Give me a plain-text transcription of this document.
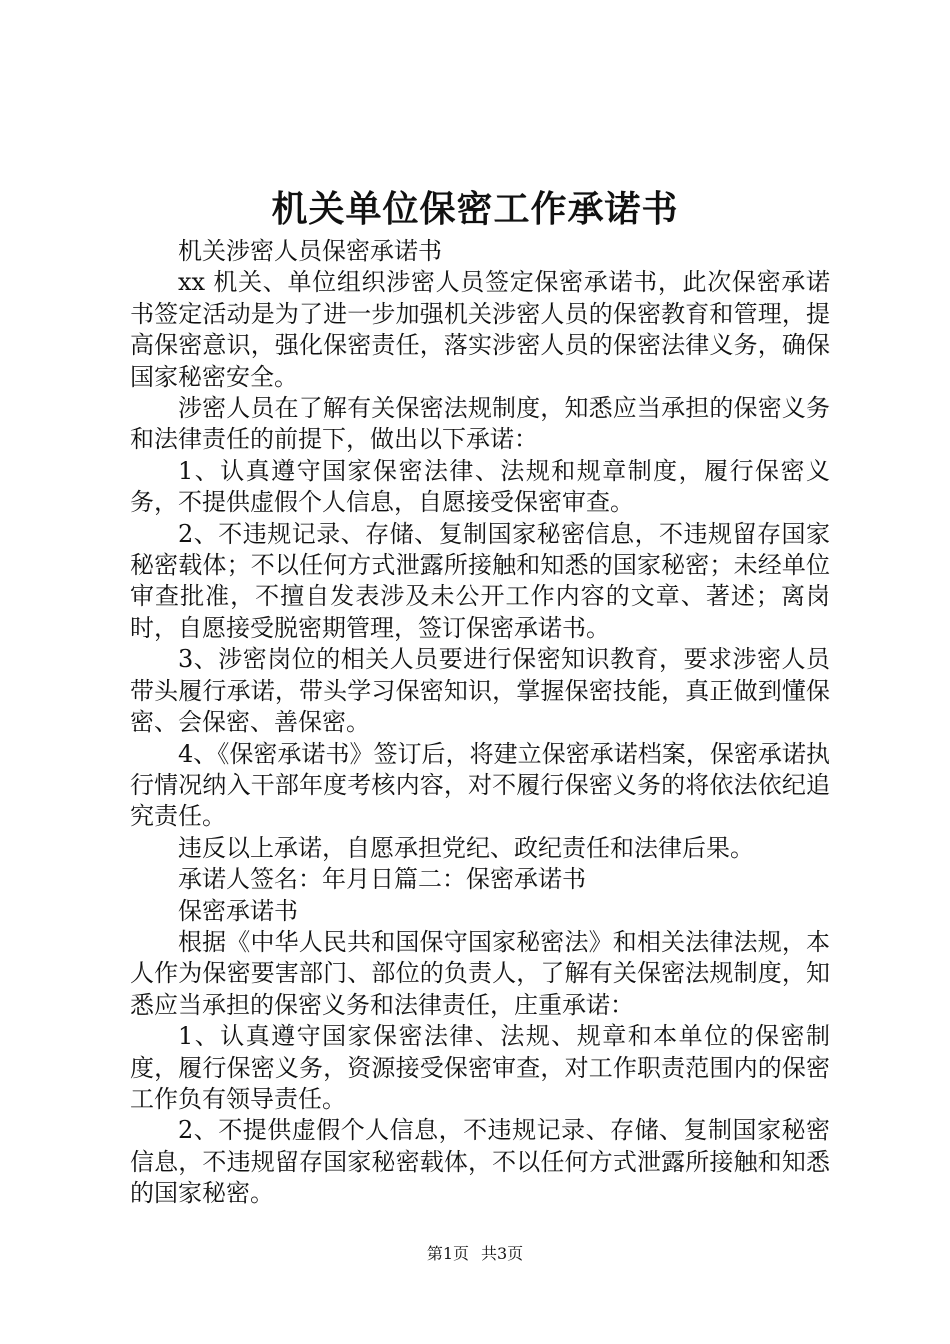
机关单位保密工作承诺书

机关涉密人员保密承诺书

xx 机关、单位组织涉密人员签定保密承诺书，此次保密承诺书签定活动是为了进一步加强机关涉密人员的保密教育和管理，提高保密意识，强化保密责任，落实涉密人员的保密法律义务，确保国家秘密安全。

涉密人员在了解有关保密法规制度，知悉应当承担的保密义务和法律责任的前提下，做出以下承诺：

1、认真遵守国家保密法律、法规和规章制度，履行保密义务，不提供虚假个人信息，自愿接受保密审查。

2、不违规记录、存储、复制国家秘密信息，不违规留存国家秘密载体；不以任何方式泄露所接触和知悉的国家秘密；未经单位审查批准，不擅自发表涉及未公开工作内容的文章、著述；离岗时，自愿接受脱密期管理，签订保密承诺书。

3、涉密岗位的相关人员要进行保密知识教育，要求涉密人员带头履行承诺，带头学习保密知识，掌握保密技能，真正做到懂保密、会保密、善保密。

4、《保密承诺书》签订后，将建立保密承诺档案，保密承诺执行情况纳入干部年度考核内容，对不履行保密义务的将依法依纪追究责任。

违反以上承诺，自愿承担党纪、政纪责任和法律后果。

承诺人签名：年月日篇二：保密承诺书

保密承诺书

根据《中华人民共和国保守国家秘密法》和相关法律法规，本人作为保密要害部门、部位的负责人，了解有关保密法规制度，知悉应当承担的保密义务和法律责任，庄重承诺：

1、认真遵守国家保密法律、法规、规章和本单位的保密制度，履行保密义务，资源接受保密审查，对工作职责范围内的保密工作负有领导责任。

2、不提供虚假个人信息，不违规记录、存储、复制国家秘密信息，不违规留存国家秘密载体，不以任何方式泄露所接触和知悉的国家秘密。

第1页 共3页
